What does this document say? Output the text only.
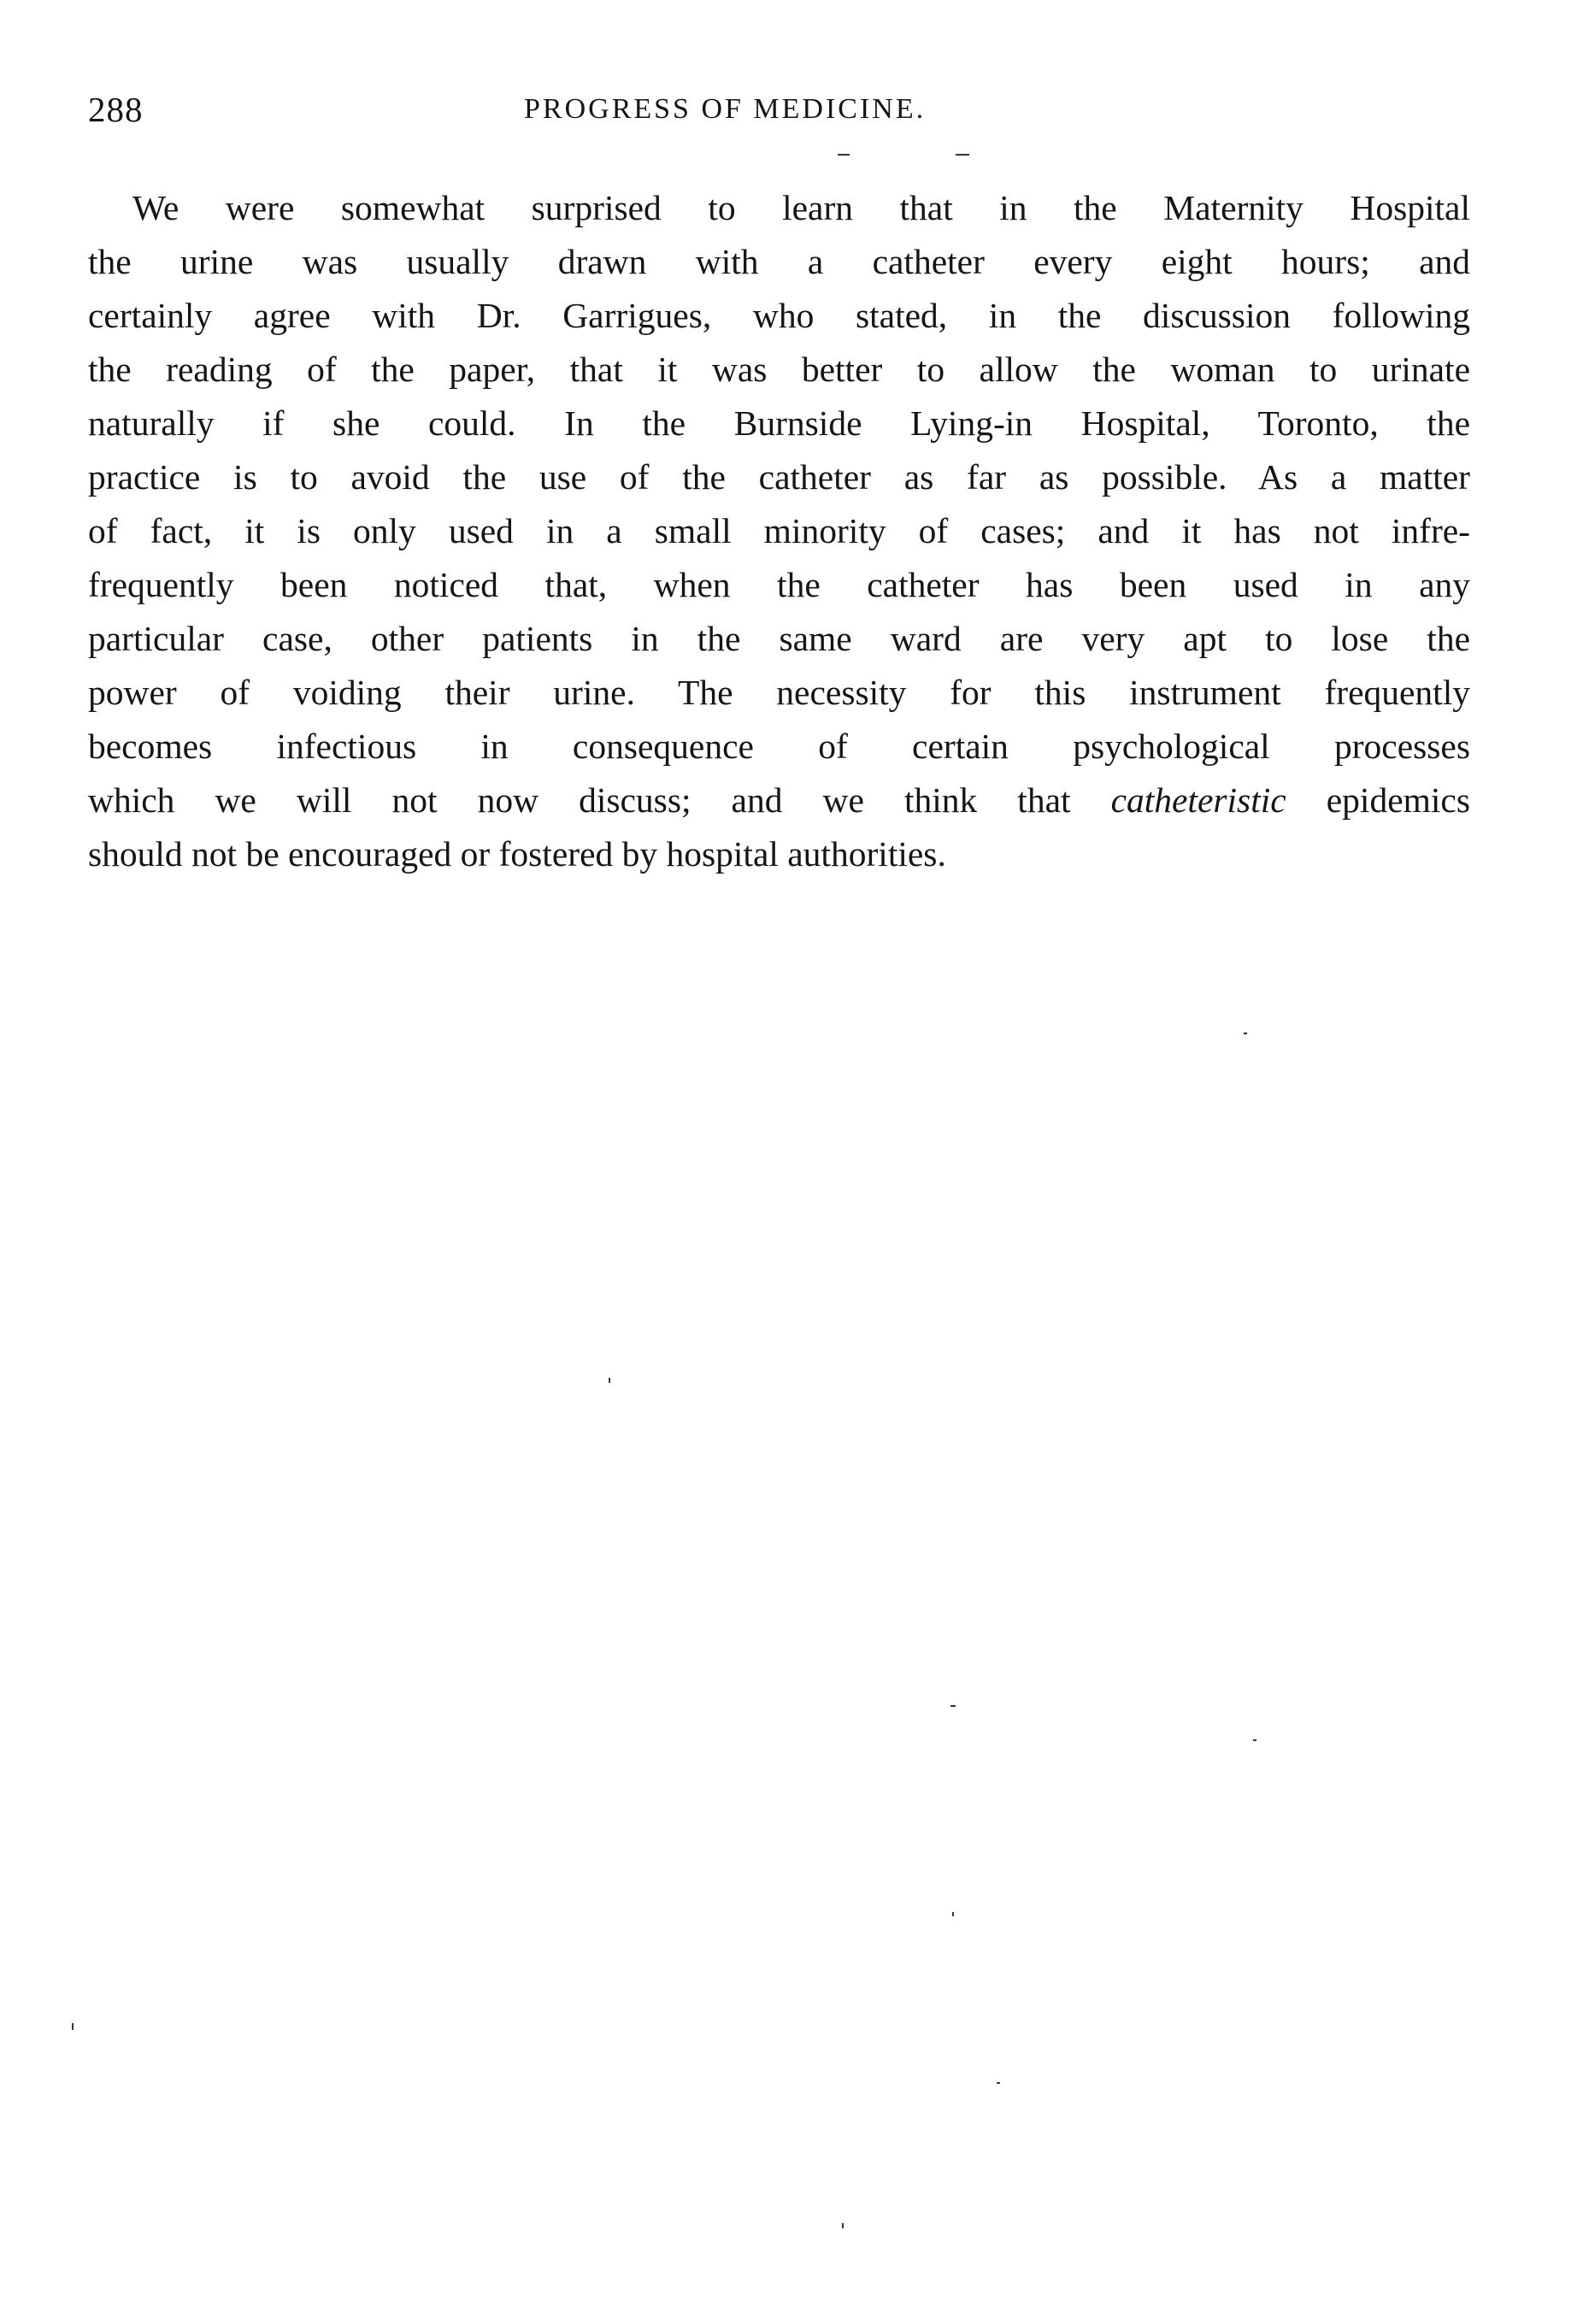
288	PROGRESS OF MEDICINE.
We were somewhat surprised to learn that in the Maternity Hospital
the urine was usually drawn with a catheter every eight hours; and
certainly agree with Dr. Garrigues, who stated, in the discussion following
the reading of the paper, that it was better to allow the woman to urinate
naturally if she could. In the Burnside Lying-in Hospital, Toronto, the
practice is to avoid the use of the catheter as far as possible. As a matter
of fact, it is only used in a small minority of cases; and it has not infre-
frequently been noticed that, when the catheter has been used in any
particular case, other patients in the same ward are very apt to lose the
power of voiding their urine. The necessity for this instrument frequently
becomes infectious in consequence of certain psychological processes
which we will not now discuss; and we think that catheteristic epidemics
should not be encouraged or fostered by hospital authorities.
